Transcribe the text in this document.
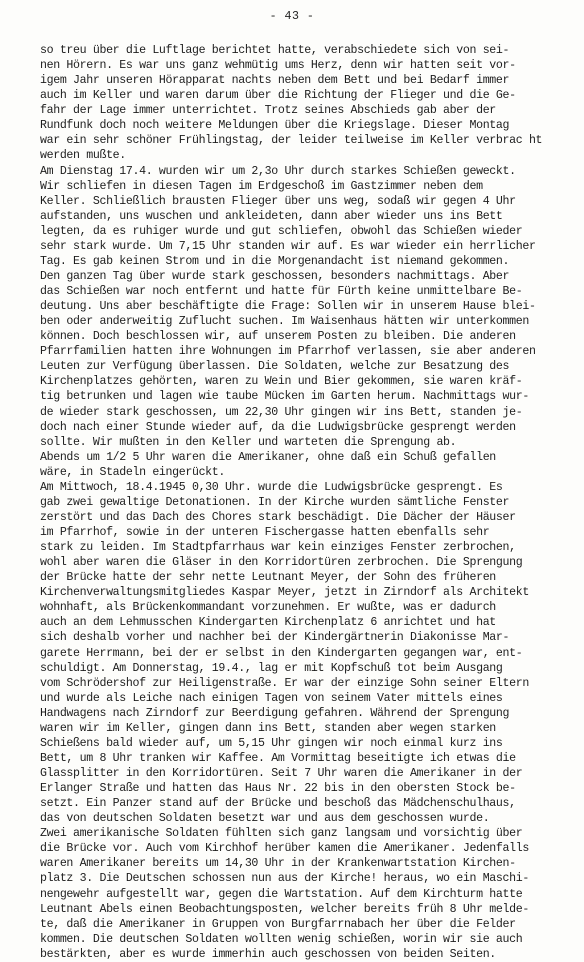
- 43 -
so treu über die Luftlage berichtet hatte, verabschiedete sich von sei-
nen Hörern. Es war uns ganz wehmütig ums Herz, denn wir hatten seit vor-
igem Jahr unseren Hörapparat nachts neben dem Bett und bei Bedarf immer
auch im Keller und waren darum über die Richtung der Flieger und die Ge-
fahr der Lage immer unterrichtet. Trotz seines Abschieds gab aber der
Rundfunk doch noch weitere Meldungen über die Kriegslage. Dieser Montag
war ein sehr schöner Frühlingstag, der leider teilweise im Keller verbrac ht
werden mußte.
Am Dienstag 17.4. wurden wir um 2,3o Uhr durch starkes Schießen geweckt.
Wir schliefen in diesen Tagen im Erdgeschoß im Gastzimmer neben dem
Keller. Schließlich brausten Flieger über uns weg, sodaß wir gegen 4 Uhr
aufstanden, uns wuschen und ankleideten, dann aber wieder uns ins Bett
legten, da es ruhiger wurde und gut schliefen, obwohl das Schießen wieder
sehr stark wurde. Um 7,15 Uhr standen wir auf. Es war wieder ein herrlicher
Tag. Es gab keinen Strom und in die Morgenandacht ist niemand gekommen.
Den ganzen Tag über wurde stark geschossen, besonders nachmittags. Aber
das Schießen war noch entfernt und hatte für Fürth keine unmittelbare Be-
deutung. Uns aber beschäftigte die Frage: Sollen wir in unserem Hause blei-
ben oder anderweitig Zuflucht suchen. Im Waisenhaus hätten wir unterkommen
können. Doch beschlossen wir, auf unserem Posten zu bleiben. Die anderen
Pfarrfamilien hatten ihre Wohnungen im Pfarrhof verlassen, sie aber anderen
Leuten zur Verfügung überlassen. Die Soldaten, welche zur Besatzung des
Kirchenplatzes gehörten, waren zu Wein und Bier gekommen, sie waren kräf-
tig betrunken und lagen wie taube Mücken im Garten herum. Nachmittags wur-
de wieder stark geschossen, um 22,30 Uhr gingen wir ins Bett, standen je-
doch nach einer Stunde wieder auf, da die Ludwigsbrücke gesprengt werden
sollte. Wir mußten in den Keller und warteten die Sprengung ab.
Abends um 1/2 5 Uhr waren die Amerikaner, ohne daß ein Schuß gefallen
wäre, in Stadeln eingerückt.
Am Mittwoch, 18.4.1945 0,30 Uhr. wurde die Ludwigsbrücke gesprengt. Es
gab zwei gewaltige Detonationen. In der Kirche wurden sämtliche Fenster
zerstört und das Dach des Chores stark beschädigt. Die Dächer der Häuser
im Pfarrhof, sowie in der unteren Fischergasse hatten ebenfalls sehr
stark zu leiden. Im Stadtpfarrhaus war kein einziges Fenster zerbrochen,
wohl aber waren die Gläser in den Korridortüren zerbrochen. Die Sprengung
der Brücke hatte der sehr nette Leutnant Meyer, der Sohn des früheren
Kirchenverwaltungsmitgliedes Kaspar Meyer, jetzt in Zirndorf als Architekt
wohnhaft, als Brückenkommandant vorzunehmen. Er wußte, was er dadurch
auch an dem Lehmusschen Kindergarten Kirchenplatz 6 anrichtet und hat
sich deshalb vorher und nachher bei der Kindergärtnerin Diakonisse Mar-
garete Herrmann, bei der er selbst in den Kindergarten gegangen war, ent-
schuldigt. Am Donnerstag, 19.4., lag er mit Kopfschuß tot beim Ausgang
vom Schrödershof zur Heiligenstraße. Er war der einzige Sohn seiner Eltern
und wurde als Leiche nach einigen Tagen von seinem Vater mittels eines
Handwagens nach Zirndorf zur Beerdigung gefahren. Während der Sprengung
waren wir im Keller, gingen dann ins Bett, standen aber wegen starken
Schießens bald wieder auf, um 5,15 Uhr gingen wir noch einmal kurz ins
Bett, um 8 Uhr tranken wir Kaffee. Am Vormittag beseitigte ich etwas die
Glassplitter in den Korridortüren. Seit 7 Uhr waren die Amerikaner in der
Erlanger Straße und hatten das Haus Nr. 22 bis in den obersten Stock be-
setzt. Ein Panzer stand auf der Brücke und beschoß das Mädchenschulhaus,
das von deutschen Soldaten besetzt war und aus dem geschossen wurde.
Zwei amerikanische Soldaten fühlten sich ganz langsam und vorsichtig über
die Brücke vor. Auch vom Kirchhof herüber kamen die Amerikaner. Jedenfalls
waren Amerikaner bereits um 14,30 Uhr in der Krankenwartstation Kirchen-
platz 3. Die Deutschen schossen nun aus der Kirche! heraus, wo ein Maschi-
nengewehr aufgestellt war, gegen die Wartstation. Auf dem Kirchturm hatte
Leutnant Abels einen Beobachtungsposten, welcher bereits früh 8 Uhr melde-
te, daß die Amerikaner in Gruppen von Burgfarrnabach her über die Felder
kommen. Die deutschen Soldaten wollten wenig schießen, worin wir sie auch
bestärkten, aber es wurde immerhin auch geschossen von beiden Seiten.
